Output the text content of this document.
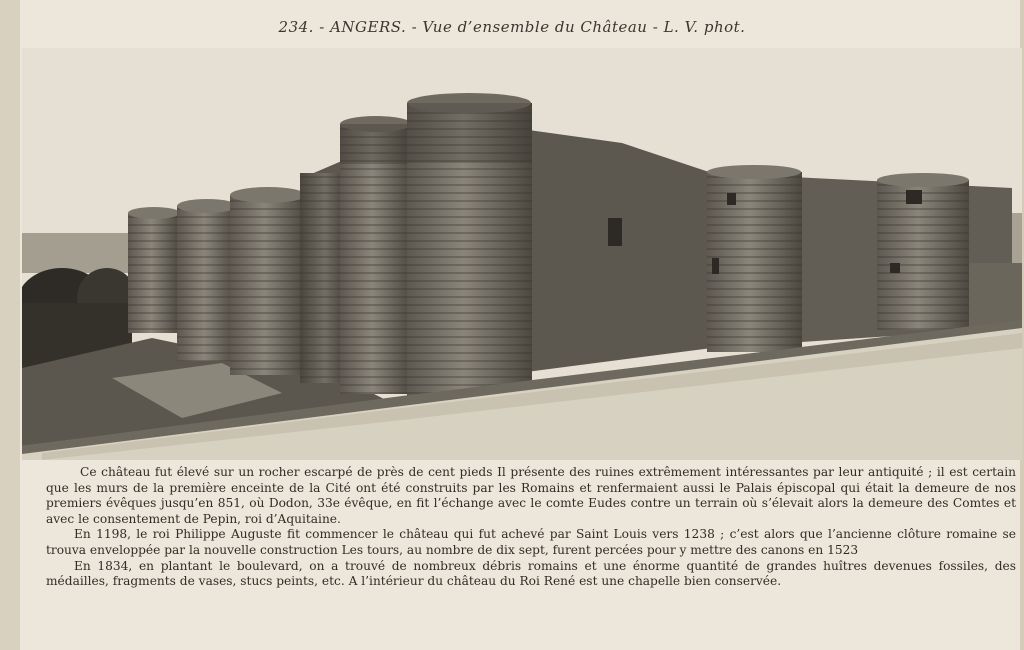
234. - ANGERS. - Vue d’ensemble du Château - L. V. phot.

Ce château fut élevé sur un rocher escarpé de près de cent pieds Il présente des ruines extrêmement intéressantes par leur antiquité ; il est certain que les murs de la première enceinte de la Cité ont été construits par les Romains et renfermaient aussi le Palais épiscopal qui était la demeure de nos premiers évêques jusqu’en 851, où Dodon, 33e évêque, en fit l’échange avec le comte Eudes contre un terrain où s’élevait alors la demeure des Comtes et avec le consentement de Pepin, roi d’Aquitaine.

En 1198, le roi Philippe Auguste fit commencer le château qui fut achevé par Saint Louis vers 1238 ; c’est alors que l’ancienne clôture romaine se trouva enveloppée par la nouvelle construction Les tours, au nombre de dix sept, furent percées pour y mettre des canons en 1523

En 1834, en plantant le boulevard, on a trouvé de nombreux débris romains et une énorme quantité de grandes huîtres devenues fossiles, des médailles, fragments de vases, stucs peints, etc. A l’intérieur du château du Roi René est une chapelle bien conservée.
